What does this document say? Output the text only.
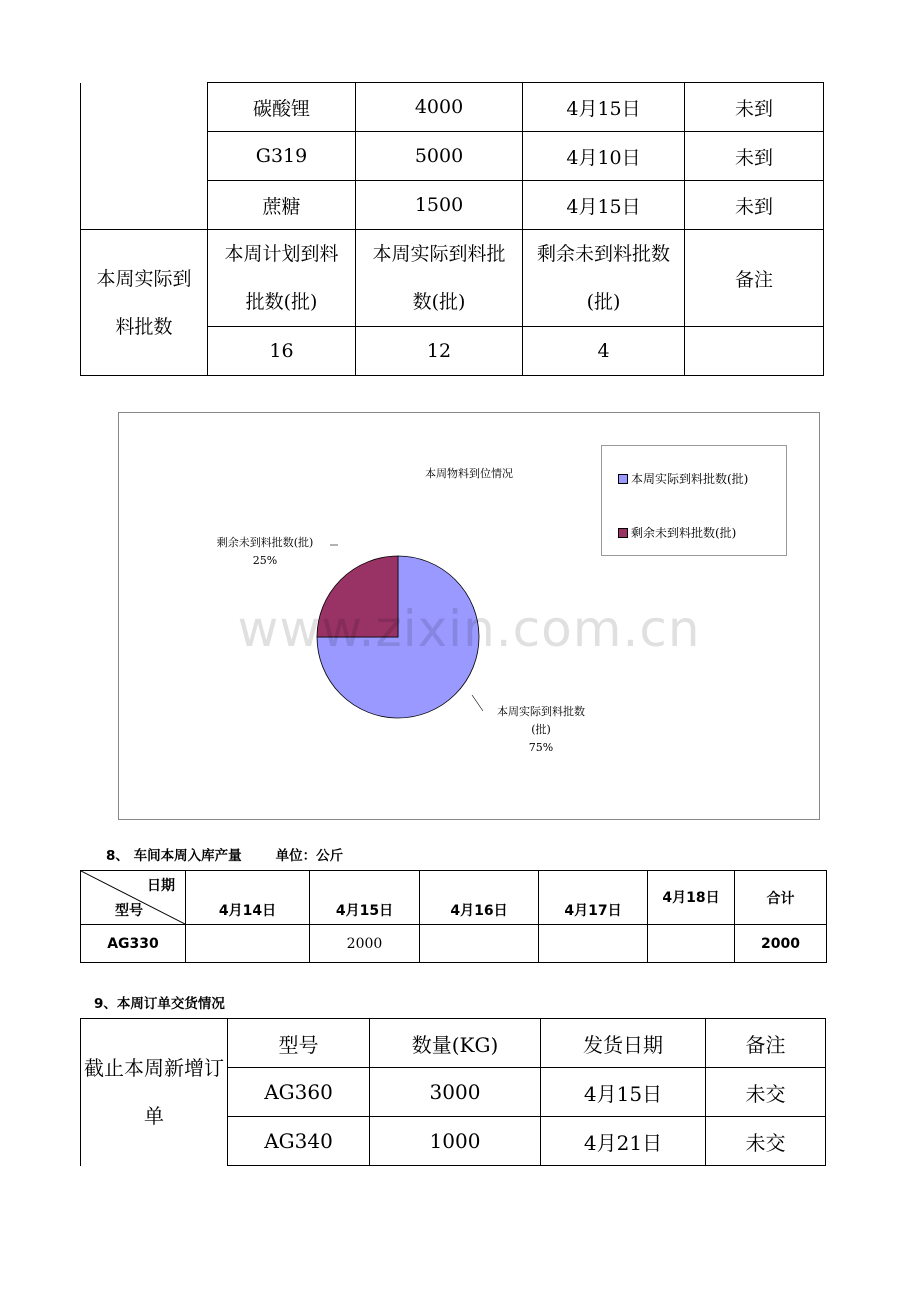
	碳酸锂	4000	4月15日	未到
	G319	5000	4月10日	未到
	蔗糖	1500	4月15日	未到

本周实际到料批数	本周计划到料批数(批)	本周实际到料批数(批)	剩余未到料批数(批)	备注
	16	12	4	
本周物料到位情况
剩余未到料批数(批)
25%
本周实际到料批数
(批)
75%
本周实际到料批数(批)
剩余未到料批数(批)
www.zixin.com.cn
8、 车间本周入库产量	单位：公斤
日期
型号	4月14日	4月15日	4月16日	4月17日	4月18日	合计
AG330		2000				2000
9、本周订单交货情况
截止本周新增订单	型号	数量(KG)	发货日期	备注
	AG360	3000	4月15日	未交
	AG340	1000	4月21日	未交
